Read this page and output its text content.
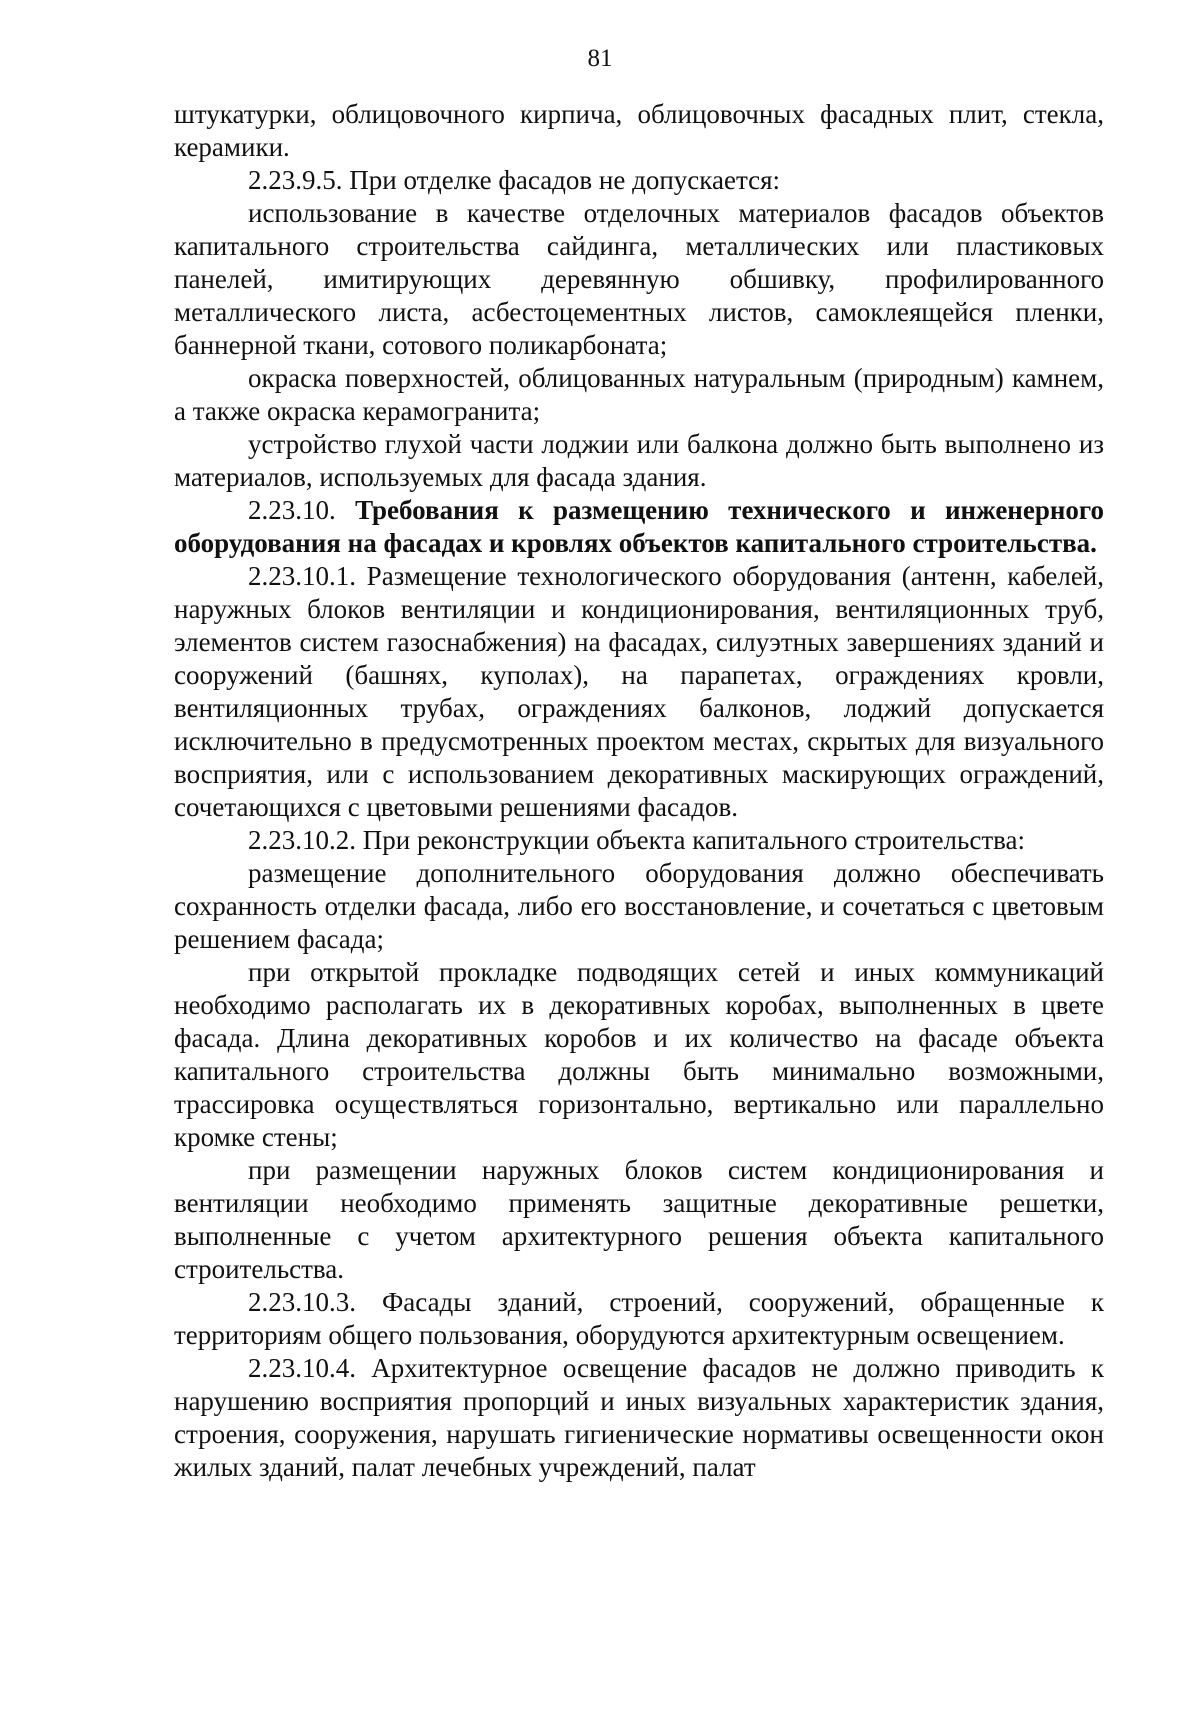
81

штукатурки, облицовочного кирпича, облицовочных фасадных плит, стекла, керамики.

2.23.9.5. При отделке фасадов не допускается:

использование в качестве отделочных материалов фасадов объектов капитального строительства сайдинга, металлических или пластиковых панелей, имитирующих деревянную обшивку, профилированного металлического листа, асбестоцементных листов, самоклеящейся пленки, баннерной ткани, сотового поликарбоната;

окраска поверхностей, облицованных натуральным (природным) камнем, а также окраска керамогранита;

устройство глухой части лоджии или балкона должно быть выполнено из материалов, используемых для фасада здания.

2.23.10. Требования к размещению технического и инженерного оборудования на фасадах и кровлях объектов капитального строительства.

2.23.10.1. Размещение технологического оборудования (антенн, кабелей, наружных блоков вентиляции и кондиционирования, вентиляционных труб, элементов систем газоснабжения) на фасадах, силуэтных завершениях зданий и сооружений (башнях, куполах), на парапетах, ограждениях кровли, вентиляционных трубах, ограждениях балконов, лоджий допускается исключительно в предусмотренных проектом местах, скрытых для визуального восприятия, или с использованием декоративных маскирующих ограждений, сочетающихся с цветовыми решениями фасадов.

2.23.10.2. При реконструкции объекта капитального строительства:

размещение дополнительного оборудования должно обеспечивать сохранность отделки фасада, либо его восстановление, и сочетаться с цветовым решением фасада;

при открытой прокладке подводящих сетей и иных коммуникаций необходимо располагать их в декоративных коробах, выполненных в цвете фасада. Длина декоративных коробов и их количество на фасаде объекта капитального строительства должны быть минимально возможными, трассировка осуществляться горизонтально, вертикально или параллельно кромке стены;

при размещении наружных блоков систем кондиционирования и вентиляции необходимо применять защитные декоративные решетки, выполненные с учетом архитектурного решения объекта капитального строительства.

2.23.10.3. Фасады зданий, строений, сооружений, обращенные к территориям общего пользования, оборудуются архитектурным освещением.

2.23.10.4. Архитектурное освещение фасадов не должно приводить к нарушению восприятия пропорций и иных визуальных характеристик здания, строения, сооружения, нарушать гигиенические нормативы освещенности окон жилых зданий, палат лечебных учреждений, палат
